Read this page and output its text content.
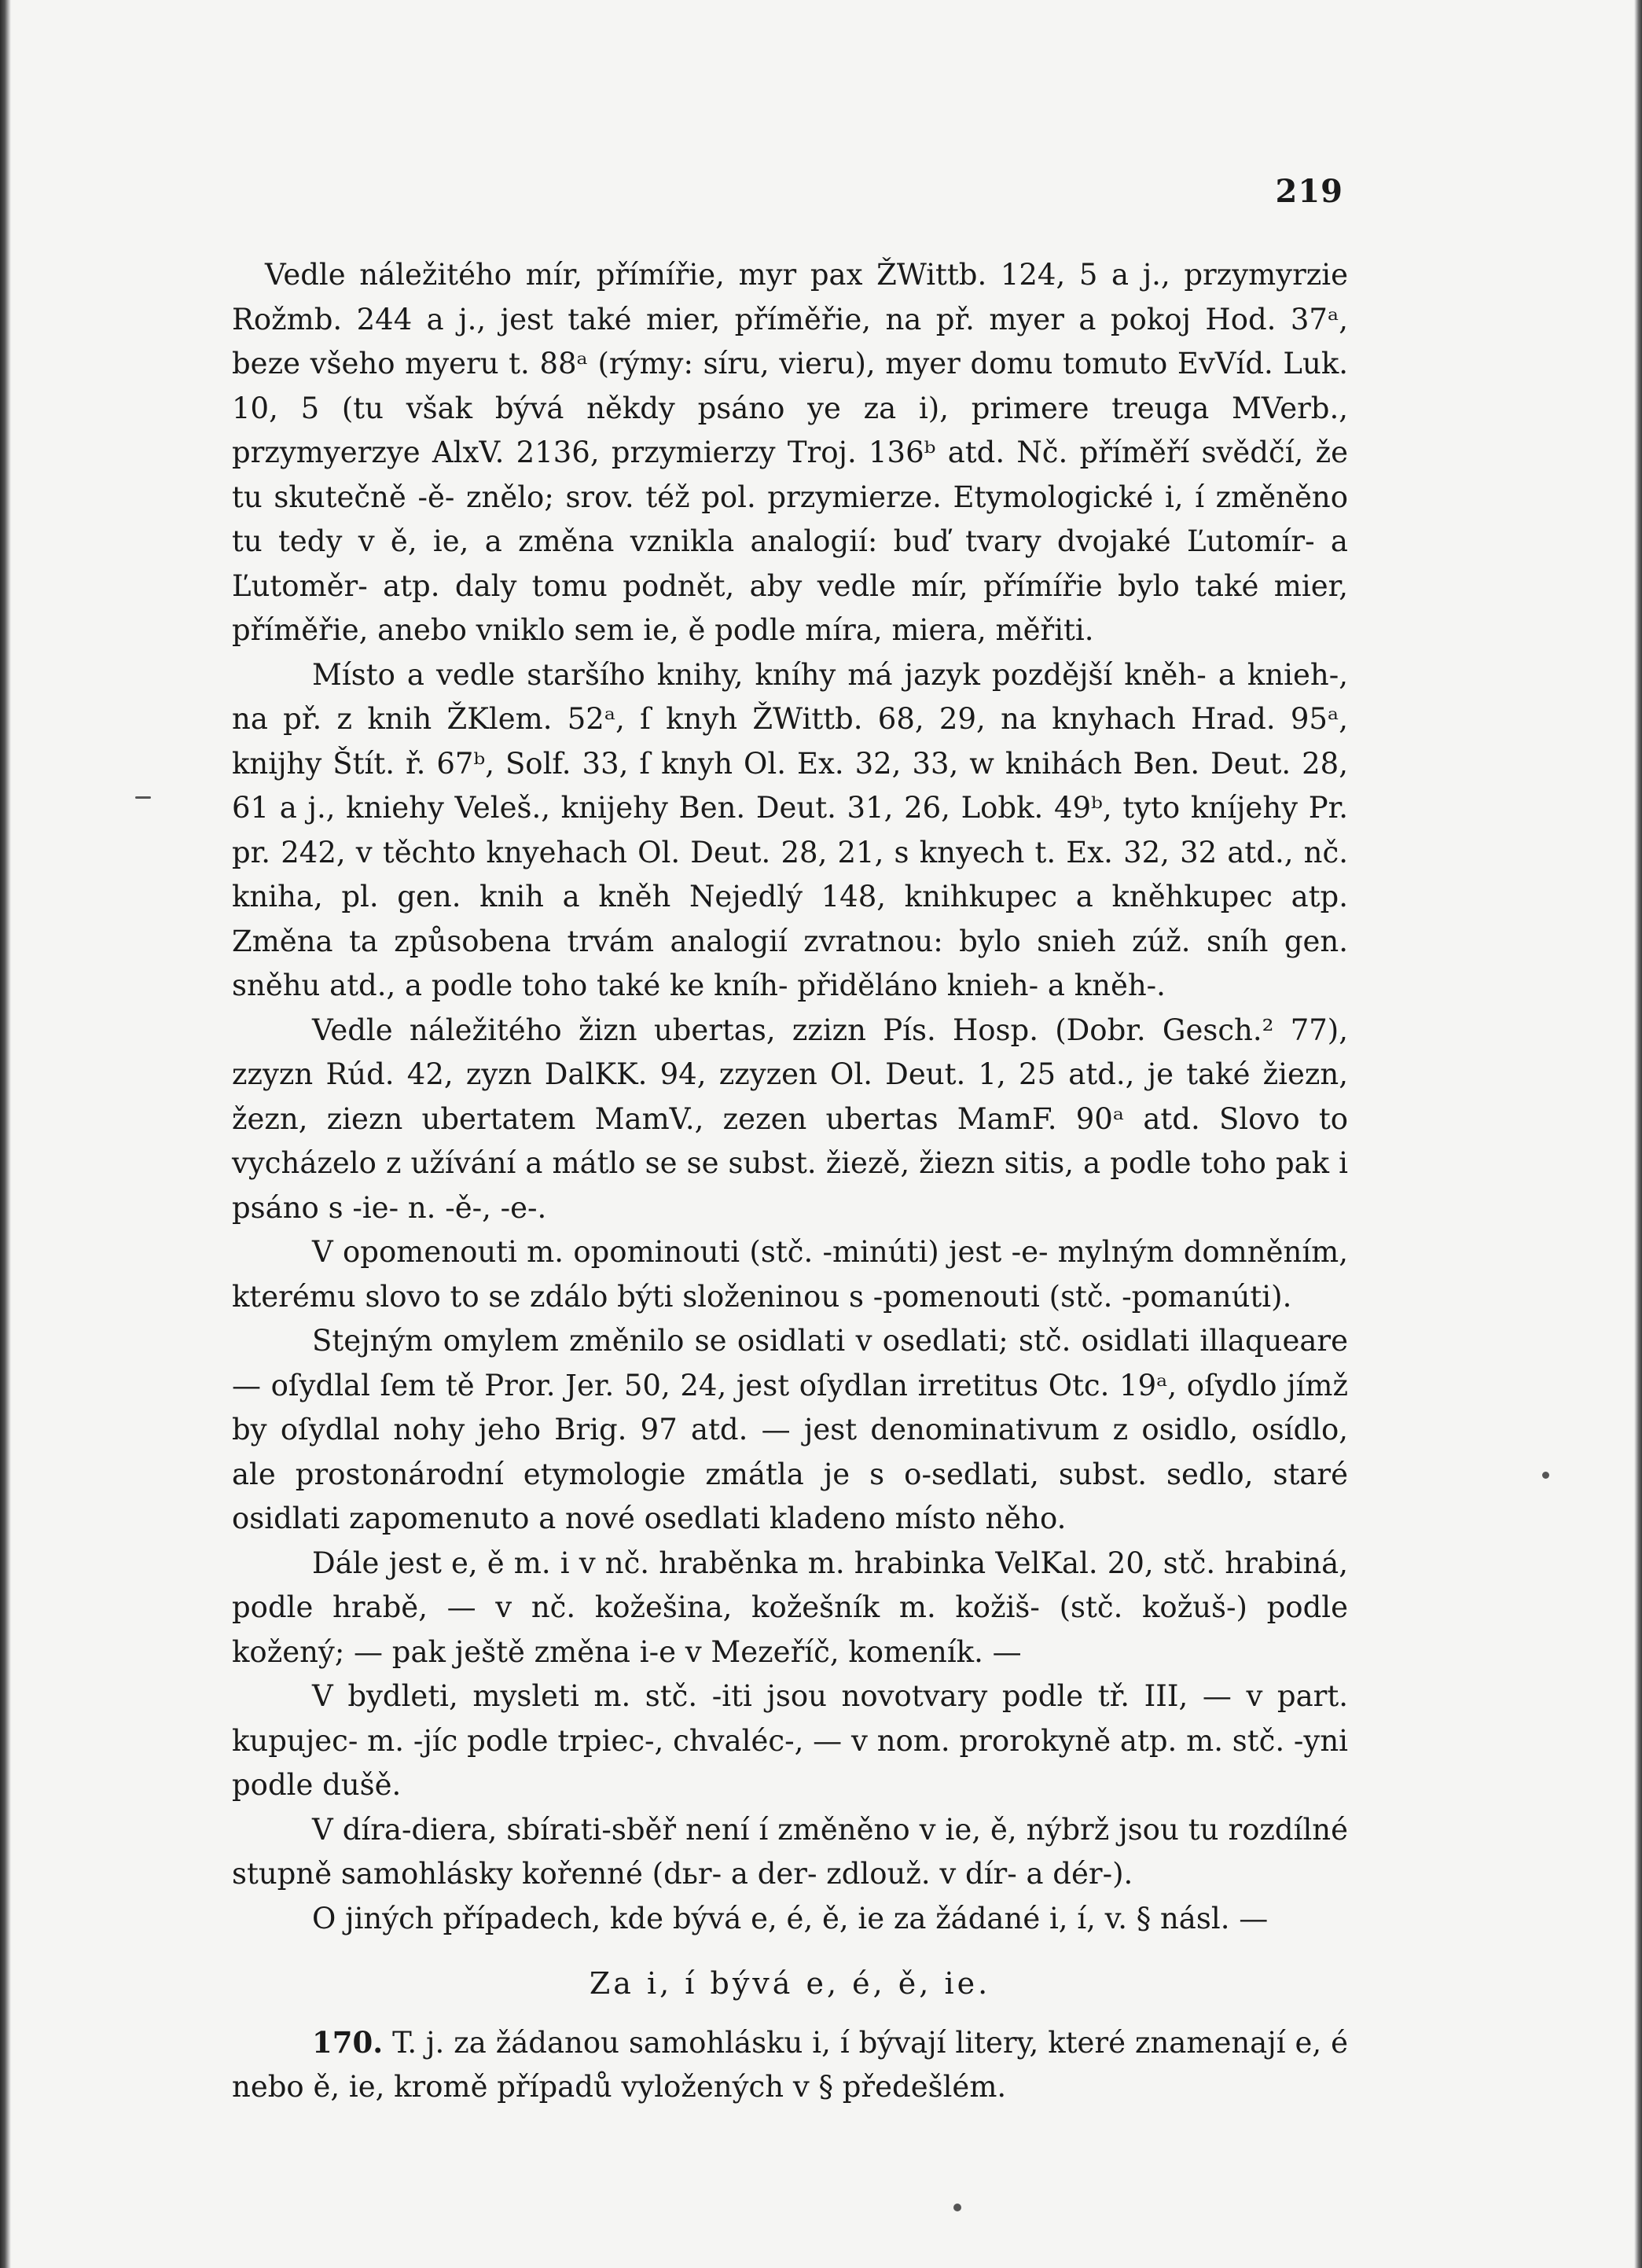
219

Vedle náležitého mír, přímířie, myr pax ŽWittb. 124, 5 a j., przymyrzie Rožmb. 244 a j., jest také mier, příměřie, na př. myer a pokoj Hod. 37ᵃ, beze všeho myeru t. 88ᵃ (rýmy: síru, vieru), myer domu tomuto EvVíd. Luk. 10, 5 (tu však bývá někdy psáno ye za i), primere treuga MVerb., przymyerzye AlxV. 2136, przymierzy Troj. 136ᵇ atd. Nč. příměří svědčí, že tu skutečně -ě- znělo; srov. též pol. przymierze. Etymologické i, í změněno tu tedy v ě, ie, a změna vznikla analogií: buď tvary dvojaké Ľutomír- a Ľutoměr- atp. daly tomu podnět, aby vedle mír, přímířie bylo také mier, příměřie, anebo vniklo sem ie, ě podle míra, miera, měřiti.

Místo a vedle staršího knihy, kníhy má jazyk pozdější kněh- a knieh-, na př. z knih ŽKlem. 52ᵃ, ſ knyh ŽWittb. 68, 29, na knyhach Hrad. 95ᵃ, knijhy Štít. ř. 67ᵇ, Solf. 33, ſ knyh Ol. Ex. 32, 33, w knihách Ben. Deut. 28, 61 a j., kniehy Veleš., knijehy Ben. Deut. 31, 26, Lobk. 49ᵇ, tyto kníjehy Pr. pr. 242, v těchto knyehach Ol. Deut. 28, 21, s knyech t. Ex. 32, 32 atd., nč. kniha, pl. gen. knih a kněh Nejedlý 148, knihkupec a kněhkupec atp. Změna ta způsobena trvám analogií zvratnou: bylo snieh zúž. sníh gen. sněhu atd., a podle toho také ke kníh- přiděláno knieh- a kněh-.

Vedle náležitého žizn ubertas, zzizn Pís. Hosp. (Dobr. Gesch.² 77), zzyzn Rúd. 42, zyzn DalKK. 94, zzyzen Ol. Deut. 1, 25 atd., je také žiezn, žezn, ziezn ubertatem MamV., zezen ubertas MamF. 90ᵃ atd. Slovo to vycházelo z užívání a mátlo se se subst. žiezě, žiezn sitis, a podle toho pak i psáno s -ie- n. -ě-, -e-.

V opomenouti m. opominouti (stč. -minúti) jest -e- mylným domněním, kterému slovo to se zdálo býti složeninou s -pomenouti (stč. -pomanúti).

Stejným omylem změnilo se osidlati v osedlati; stč. osidlati illaqueare — oſydlal ſem tě Pror. Jer. 50, 24, jest oſydlan irretitus Otc. 19ᵃ, oſydlo jímž by oſydlal nohy jeho Brig. 97 atd. — jest denominativum z osidlo, osídlo, ale prostonárodní etymologie zmátla je s o-sedlati, subst. sedlo, staré osidlati zapomenuto a nové osedlati kladeno místo něho.

Dále jest e, ě m. i v nč. hraběnka m. hrabinka VelKal. 20, stč. hrabiná, podle hrabě, — v nč. kožešina, kožešník m. kožiš- (stč. kožuš-) podle kožený; — pak ještě změna i-e v Mezeříč, komeník. —

V bydleti, mysleti m. stč. -iti jsou novotvary podle tř. III, — v part. kupujec- m. -jíc podle trpiec-, chvaléc-, — v nom. prorokyně atp. m. stč. -yni podle dušě.

V díra-diera, sbírati-sběř není í změněno v ie, ě, nýbrž jsou tu rozdílné stupně samohlásky kořenné (dьr- a der- zdlouž. v dír- a dér-).

O jiných případech, kde bývá e, é, ě, ie za žádané i, í, v. § násl. —

Za i, í bývá e, é, ě, ie.

170. T. j. za žádanou samohlásku i, í bývají litery, které znamenají e, é nebo ě, ie, kromě případů vyložených v § předešlém.
